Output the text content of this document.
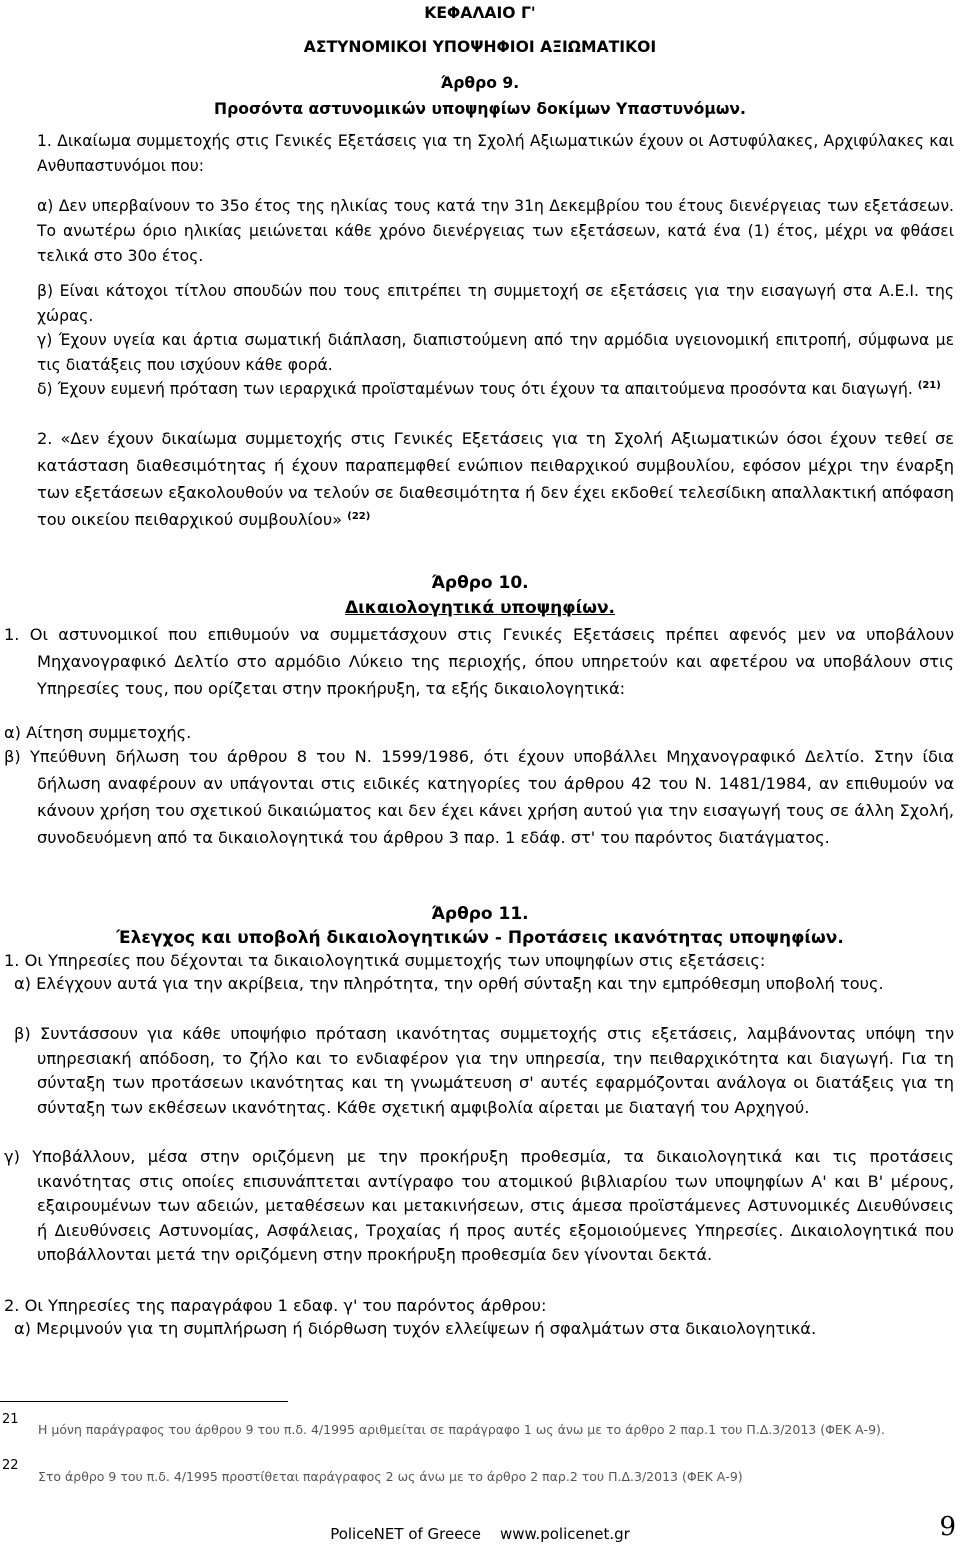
ΚΕΦΑΛΑΙΟ Γ'
ΑΣΤΥΝΟΜΙΚΟΙ ΥΠΟΨΗΦΙΟΙ ΑΞΙΩΜΑΤΙΚΟΙ
Άρθρο 9.
Προσόντα αστυνομικών υποψηφίων δοκίμων Υπαστυνόμων.
1. Δικαίωμα συμμετοχής στις Γενικές Εξετάσεις για τη Σχολή Αξιωματικών έχουν οι Αστυφύλακες, Αρχιφύλακες και Ανθυπαστυνόμοι που:
α) Δεν υπερβαίνουν το 35ο έτος της ηλικίας τους κατά την 31η Δεκεμβρίου του έτους διενέργειας των εξετάσεων. Το ανωτέρω όριο ηλικίας μειώνεται κάθε χρόνο διενέργειας των εξετάσεων, κατά ένα (1) έτος, μέχρι να φθάσει τελικά στο 30ο έτος.
β) Είναι κάτοχοι τίτλου σπουδών που τους επιτρέπει τη συμμετοχή σε εξετάσεις για την εισαγωγή στα Α.Ε.Ι. της χώρας.
γ) Έχουν υγεία και άρτια σωματική διάπλαση, διαπιστούμενη από την αρμόδια υγειονομική επιτροπή, σύμφωνα με τις διατάξεις που ισχύουν κάθε φορά.
δ) Έχουν ευμενή πρόταση των ιεραρχικά προϊσταμένων τους ότι έχουν τα απαιτούμενα προσόντα και διαγωγή. $^{(21)}$
2. «Δεν έχουν δικαίωμα συμμετοχής στις Γενικές Εξετάσεις για τη Σχολή Αξιωματικών όσοι έχουν τεθεί σε κατάσταση διαθεσιμότητας ή έχουν παραπεμφθεί ενώπιον πειθαρχικού συμβουλίου, εφόσον μέχρι την έναρξη των εξετάσεων εξακολουθούν να τελούν σε διαθεσιμότητα ή δεν έχει εκδοθεί τελεσίδικη απαλλακτική απόφαση του οικείου πειθαρχικού συμβουλίου» $^{(22)}$
Άρθρο 10.
Δικαιολογητικά υποψηφίων.
1. Οι αστυνομικοί που επιθυμούν να συμμετάσχουν στις Γενικές Εξετάσεις πρέπει αφενός μεν να υποβάλουν Μηχανογραφικό Δελτίο στο αρμόδιο Λύκειο της περιοχής, όπου υπηρετούν και αφετέρου να υποβάλουν στις Υπηρεσίες τους, που ορίζεται στην προκήρυξη, τα εξής δικαιολογητικά:
α) Αίτηση συμμετοχής.
β) Υπεύθυνη δήλωση του άρθρου 8 του Ν. 1599/1986, ότι έχουν υποβάλλει Μηχανογραφικό Δελτίο. Στην ίδια δήλωση αναφέρουν αν υπάγονται στις ειδικές κατηγορίες του άρθρου 42 του Ν. 1481/1984, αν επιθυμούν να κάνουν χρήση του σχετικού δικαιώματος και δεν έχει κάνει χρήση αυτού για την εισαγωγή τους σε άλλη Σχολή, συνοδευόμενη από τα δικαιολογητικά του άρθρου 3 παρ. 1 εδάφ. στ' του παρόντος διατάγματος.
Άρθρο 11.
Έλεγχος και υποβολή δικαιολογητικών - Προτάσεις ικανότητας υποψηφίων.
1. Οι Υπηρεσίες που δέχονται τα δικαιολογητικά συμμετοχής των υποψηφίων στις εξετάσεις:
α) Ελέγχουν αυτά για την ακρίβεια, την πληρότητα, την ορθή σύνταξη και την εμπρόθεσμη υποβολή τους.
β) Συντάσσουν για κάθε υποψήφιο πρόταση ικανότητας συμμετοχής στις εξετάσεις, λαμβάνοντας υπόψη την υπηρεσιακή απόδοση, το ζήλο και το ενδιαφέρον για την υπηρεσία, την πειθαρχικότητα και διαγωγή. Για τη σύνταξη των προτάσεων ικανότητας και τη γνωμάτευση σ' αυτές εφαρμόζονται ανάλογα οι διατάξεις για τη σύνταξη των εκθέσεων ικανότητας. Κάθε σχετική αμφιβολία αίρεται με διαταγή του Αρχηγού.
γ) Υποβάλλουν, μέσα στην οριζόμενη με την προκήρυξη προθεσμία, τα δικαιολογητικά και τις προτάσεις ικανότητας στις οποίες επισυνάπτεται αντίγραφο του ατομικού βιβλιαρίου των υποψηφίων Α' και Β' μέρους, εξαιρουμένων των αδειών, μεταθέσεων και μετακινήσεων, στις άμεσα προϊστάμενες Αστυνομικές Διευθύνσεις ή Διευθύνσεις Αστυνομίας, Ασφάλειας, Τροχαίας ή προς αυτές εξομοιούμενες Υπηρεσίες. Δικαιολογητικά που υποβάλλονται μετά την οριζόμενη στην προκήρυξη προθεσμία δεν γίνονται δεκτά.
2. Οι Υπηρεσίες της παραγράφου 1 εδαφ. γ' του παρόντος άρθρου:
α) Μεριμνούν για τη συμπλήρωση ή διόρθωση τυχόν ελλείψεων ή σφαλμάτων στα δικαιολογητικά.
21
Η μόνη παράγραφος του άρθρου 9 του π.δ. 4/1995 αριθμείται σε παράγραφο 1 ως άνω με το άρθρο 2 παρ.1 του Π.Δ.3/2013 (ΦΕΚ Α-9).
22
Στο άρθρο 9 του π.δ. 4/1995 προστίθεται παράγραφος 2 ως άνω με το άρθρο 2 παρ.2 του Π.Δ.3/2013 (ΦΕΚ Α-9)
PoliceNET of Greece    www.policenet.gr	9
